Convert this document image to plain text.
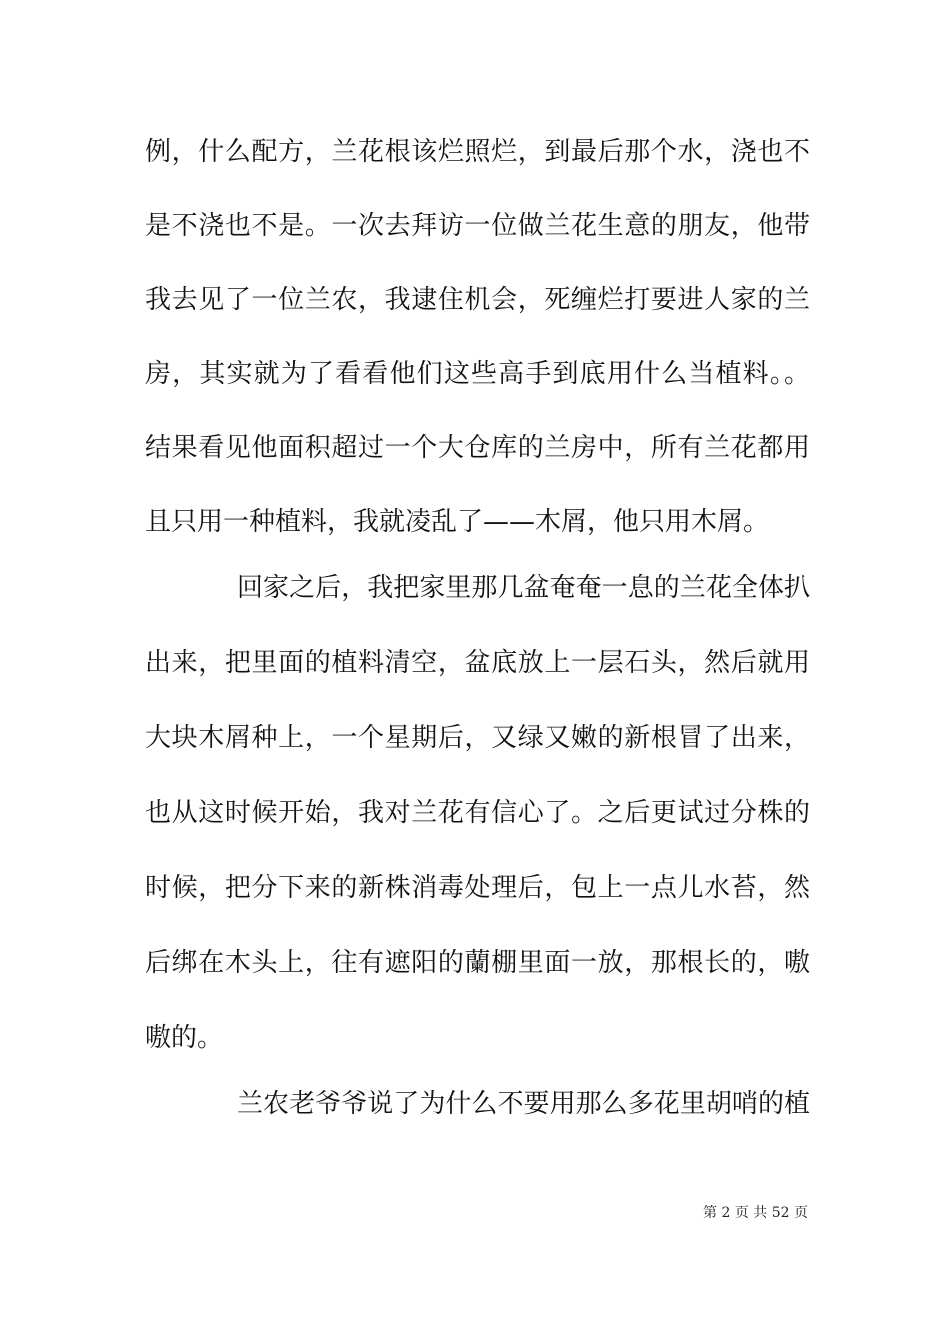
例，什么配方，兰花根该烂照烂，到最后那个水，浇也不
是不浇也不是。一次去拜访一位做兰花生意的朋友，他带
我去见了一位兰农，我逮住机会，死缠烂打要进人家的兰
房，其实就为了看看他们这些高手到底用什么当植料。。
结果看见他面积超过一个大仓库的兰房中，所有兰花都用
且只用一种植料，我就凌乱了——木屑，他只用木屑。
回家之后，我把家里那几盆奄奄一息的兰花全体扒
出来，把里面的植料清空，盆底放上一层石头，然后就用
大块木屑种上，一个星期后，又绿又嫩的新根冒了出来，
也从这时候开始，我对兰花有信心了。之后更试过分株的
时候，把分下来的新株消毒处理后，包上一点儿水苔，然
后绑在木头上，往有遮阳的蘭棚里面一放，那根长的，嗷
嗷的。
兰农老爷爷说了为什么不要用那么多花里胡哨的植
第 2 页 共 52 页
